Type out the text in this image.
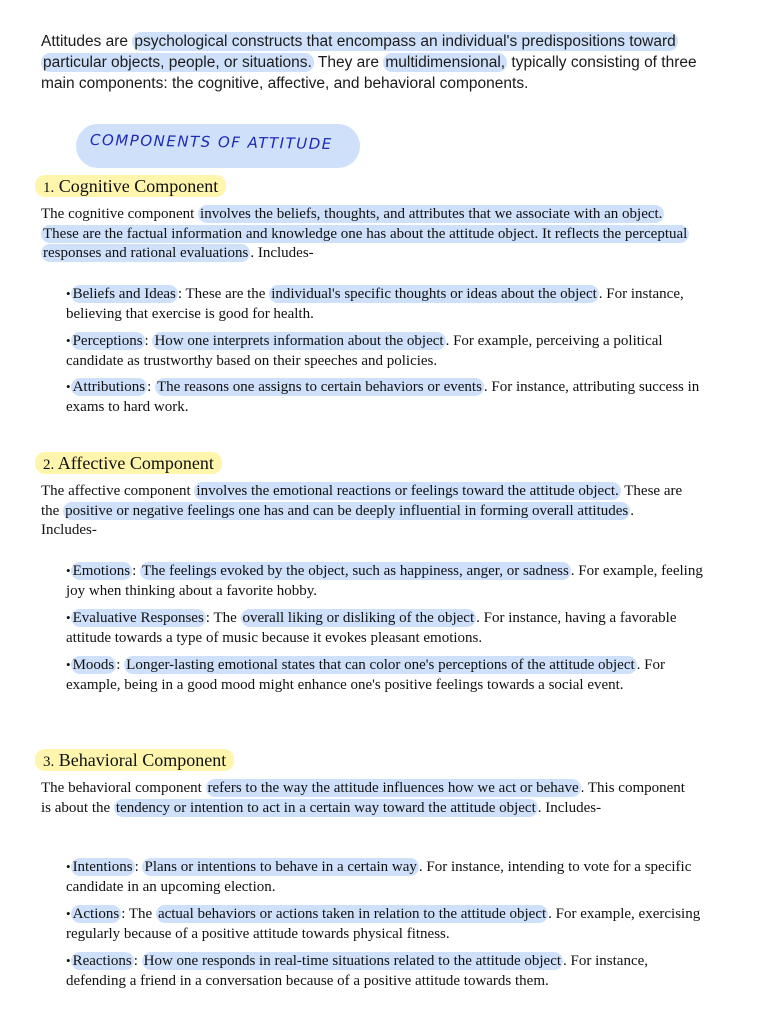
Attitudes are psychological constructs that encompass an individual's predispositions toward particular objects, people, or situations. They are multidimensional, typically consisting of three main components: the cognitive, affective, and behavioral components.
COMPONENTS OF ATTITUDE
1. Cognitive Component
The cognitive component involves the beliefs, thoughts, and attributes that we associate with an object. These are the factual information and knowledge one has about the attitude object. It reflects the perceptual responses and rational evaluations . Includes-
• Beliefs and Ideas : These are the individual's specific thoughts or ideas about the object . For instance, believing that exercise is good for health.
• Perceptions : How one interprets information about the object . For example, perceiving a political candidate as trustworthy based on their speeches and policies.
• Attributions : The reasons one assigns to certain behaviors or events . For instance, attributing success in exams to hard work.
2. Affective Component
The affective component involves the emotional reactions or feelings toward the attitude object. These are the positive or negative feelings one has and can be deeply influential in forming overall attitudes . Includes-
• Emotions : The feelings evoked by the object, such as happiness, anger, or sadness . For example, feeling joy when thinking about a favorite hobby.
• Evaluative Responses : The overall liking or disliking of the object . For instance, having a favorable attitude towards a type of music because it evokes pleasant emotions.
• Moods : Longer-lasting emotional states that can color one's perceptions of the attitude object . For example, being in a good mood might enhance one's positive feelings towards a social event.
3. Behavioral Component
The behavioral component refers to the way the attitude influences how we act or behave . This component is about the tendency or intention to act in a certain way toward the attitude object . Includes-
• Intentions : Plans or intentions to behave in a certain way . For instance, intending to vote for a specific candidate in an upcoming election.
• Actions : The actual behaviors or actions taken in relation to the attitude object . For example, exercising regularly because of a positive attitude towards physical fitness.
• Reactions : How one responds in real-time situations related to the attitude object . For instance, defending a friend in a conversation because of a positive attitude towards them.
